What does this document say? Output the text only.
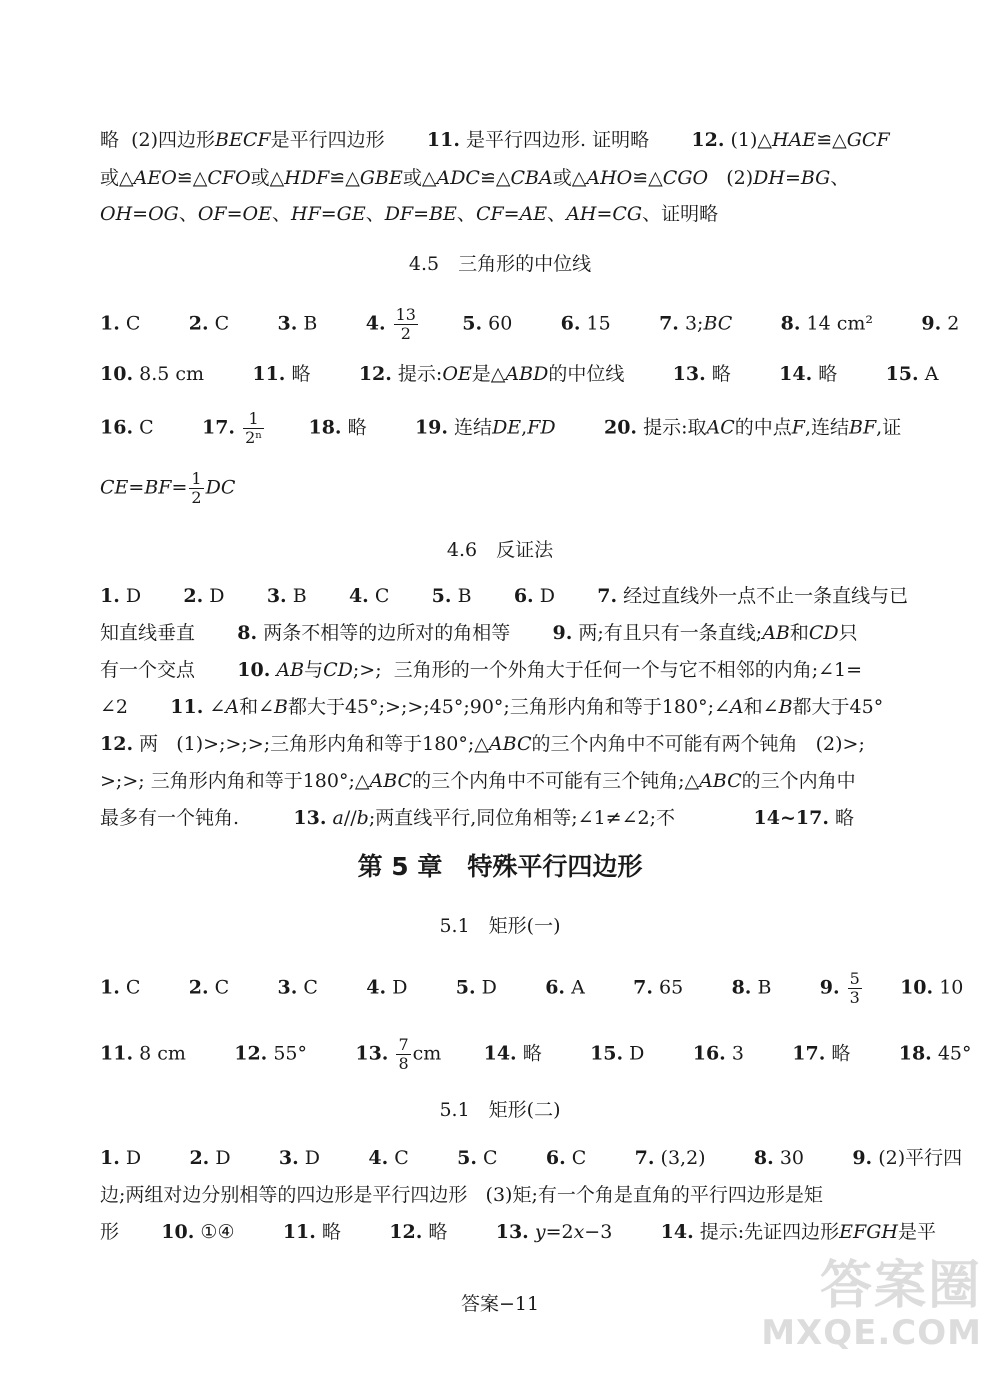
略 (2)四边形BECF是平行四边形 11. 是平行四边形. 证明略 12. (1)△HAE≌△GCF
或△AEO≌△CFO或△HDF≌△GBE或△ADC≌△CBA或△AHO≌△CGO (2)DH=BG、
OH=OG、OF=OE、HF=GE、DF=BE、CF=AE、AH=CG、证明略
4.5　三角形的中位线
1. C	2. C	3. B	4. $\frac{13}{2} 5$. 60	6. 15	7. 3;BC	8. 14 cm²	9. 2
10. 8.5 cm	11. 略	12. 提示:OE是△ABD的中位线	13. 略	14. 略	15. A
16. C	17. $\frac{1}{\text{2ⁿ}} 18$. 略	19. 连结DE,FD	20. 提示:取AC的中点F,连结BF,证
$CE=BF= \frac{1}{2}$ DC
4.6　反证法
1. D 2. D 3. B 4. C 5. B 6. D 7. 经过直线外一点不止一条直线与已
知直线垂直 8. 两条不相等的边所对的角相等 9. 两;有且只有一条直线;AB和CD只
有一个交点 10. AB与CD;>; 三角形的一个外角大于任何一个与它不相邻的内角;∠1=
∠2 11. ∠A和∠B都大于45°;>;>;45°;90°;三角形内角和等于180°;∠A和∠B都大于45°
12. 两 (1)>;>;>;三角形内角和等于180°;△ABC的三个内角中不可能有两个钝角 (2)>;
>;>; 三角形内角和等于180°;△ABC的三个内角中不可能有三个钝角;△ABC的三个内角中
最多有一个钝角.	13. a//b;两直线平行,同位角相等;∠1≠∠2;不	14~17. 略
第 5 章　特殊平行四边形
5.1　矩形(一)
1. C	2. C	3. C	4. D	5. D	6. A	7. 65	8. B	9. $\frac{5}{3} 10$. 10
11. 8 cm	12. 55°	13. $\frac{7}{8}$ cm 14. 略	15. D	16. 3	17. 略	18. 45°
5.1　矩形(二)
1. D	2. D	3. D	4. C	5. C	6. C	7. (3,2)	8. 30	9. (2)平行四
边;两组对边分别相等的四边形是平行四边形 (3)矩;有一个角是直角的平行四边形是矩
形 10. ①④	11. 略	12. 略	13. y=2x−3	14. 提示:先证四边形EFGH是平
答案−11	答案圈
MXQE.COM
